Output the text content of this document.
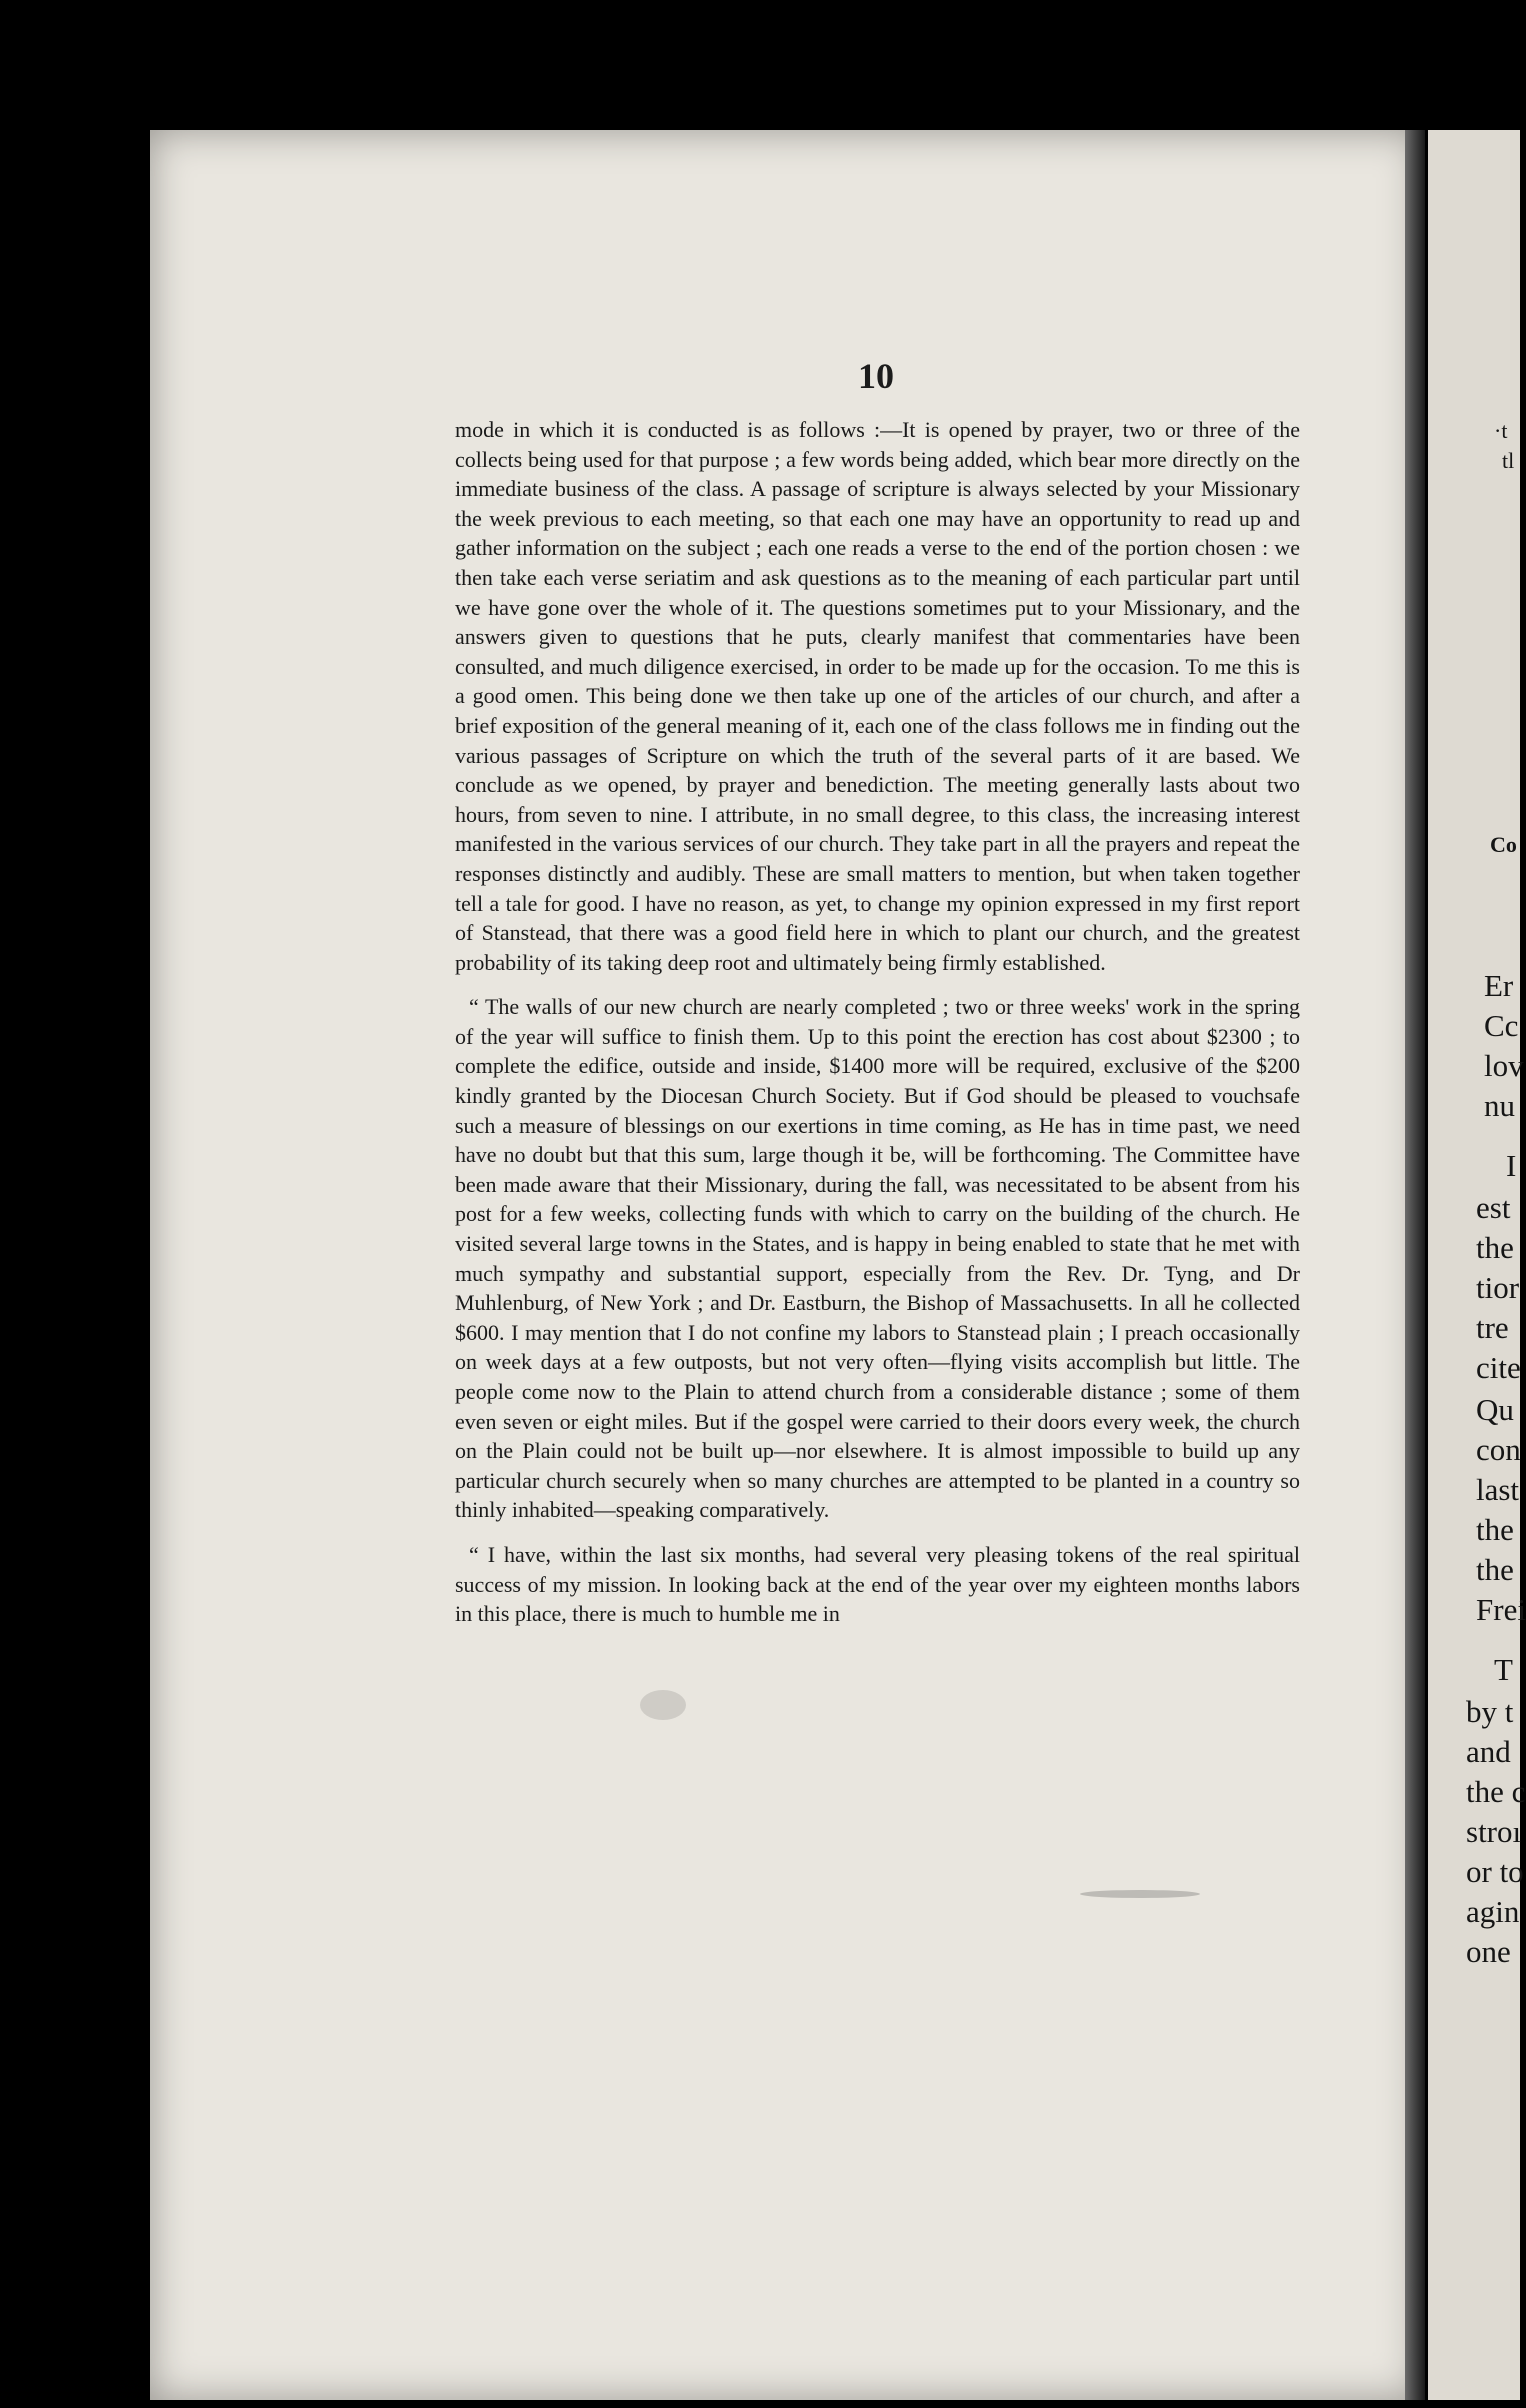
10

mode in which it is conducted is as follows :—It is opened by prayer, two or three of the collects being used for that purpose ; a few words being added, which bear more directly on the immediate business of the class. A passage of scripture is always selected by your Missionary the week previous to each meeting, so that each one may have an opportunity to read up and gather information on the subject ; each one reads a verse to the end of the portion chosen : we then take each verse seriatim and ask questions as to the meaning of each particular part until we have gone over the whole of it. The questions sometimes put to your Missionary, and the answers given to questions that he puts, clearly manifest that commentaries have been consulted, and much diligence exercised, in order to be made up for the occasion. To me this is a good omen. This being done we then take up one of the articles of our church, and after a brief exposition of the general meaning of it, each one of the class follows me in finding out the various passages of Scripture on which the truth of the several parts of it are based. We conclude as we opened, by prayer and benediction. The meeting generally lasts about two hours, from seven to nine. I attribute, in no small degree, to this class, the increasing interest manifested in the various services of our church. They take part in all the prayers and repeat the responses distinctly and audibly. These are small matters to mention, but when taken together tell a tale for good. I have no reason, as yet, to change my opinion expressed in my first report of Stanstead, that there was a good field here in which to plant our church, and the greatest probability of its taking deep root and ultimately being firmly established.

“ The walls of our new church are nearly completed ; two or three weeks' work in the spring of the year will suffice to finish them. Up to this point the erection has cost about $2300 ; to complete the edifice, outside and inside, $1400 more will be required, exclusive of the $200 kindly granted by the Diocesan Church Society. But if God should be pleased to vouchsafe such a measure of blessings on our exertions in time coming, as He has in time past, we need have no doubt but that this sum, large though it be, will be forthcoming. The Committee have been made aware that their Missionary, during the fall, was necessitated to be absent from his post for a few weeks, collecting funds with which to carry on the building of the church. He visited several large towns in the States, and is happy in being enabled to state that he met with much sympathy and substantial support, especially from the Rev. Dr. Tyng, and Dr Muhlenburg, of New York ; and Dr. Eastburn, the Bishop of Massachusetts. In all he collected $600. I may mention that I do not confine my labors to Stanstead plain ; I preach occasionally on week days at a few outposts, but not very often—flying visits accomplish but little. The people come now to the Plain to attend church from a considerable distance ; some of them even seven or eight miles. But if the gospel were carried to their doors every week, the church on the Plain could not be built up—nor elsewhere. It is almost impossible to build up any particular church securely when so many churches are attempted to be planted in a country so thinly inhabited—speaking comparatively.

“ I have, within the last six months, had several very pleasing tokens of the real spiritual success of my mission. In looking back at the end of the year over my eighteen months labors in this place, there is much to humble me in

·t
tl
Co
Er
Cc
lov
nu
I
est
the
tior
tre
cite
Qu
con
last
the
the
Frei
T
by t
and
the c
stroı
or to
agin
one
